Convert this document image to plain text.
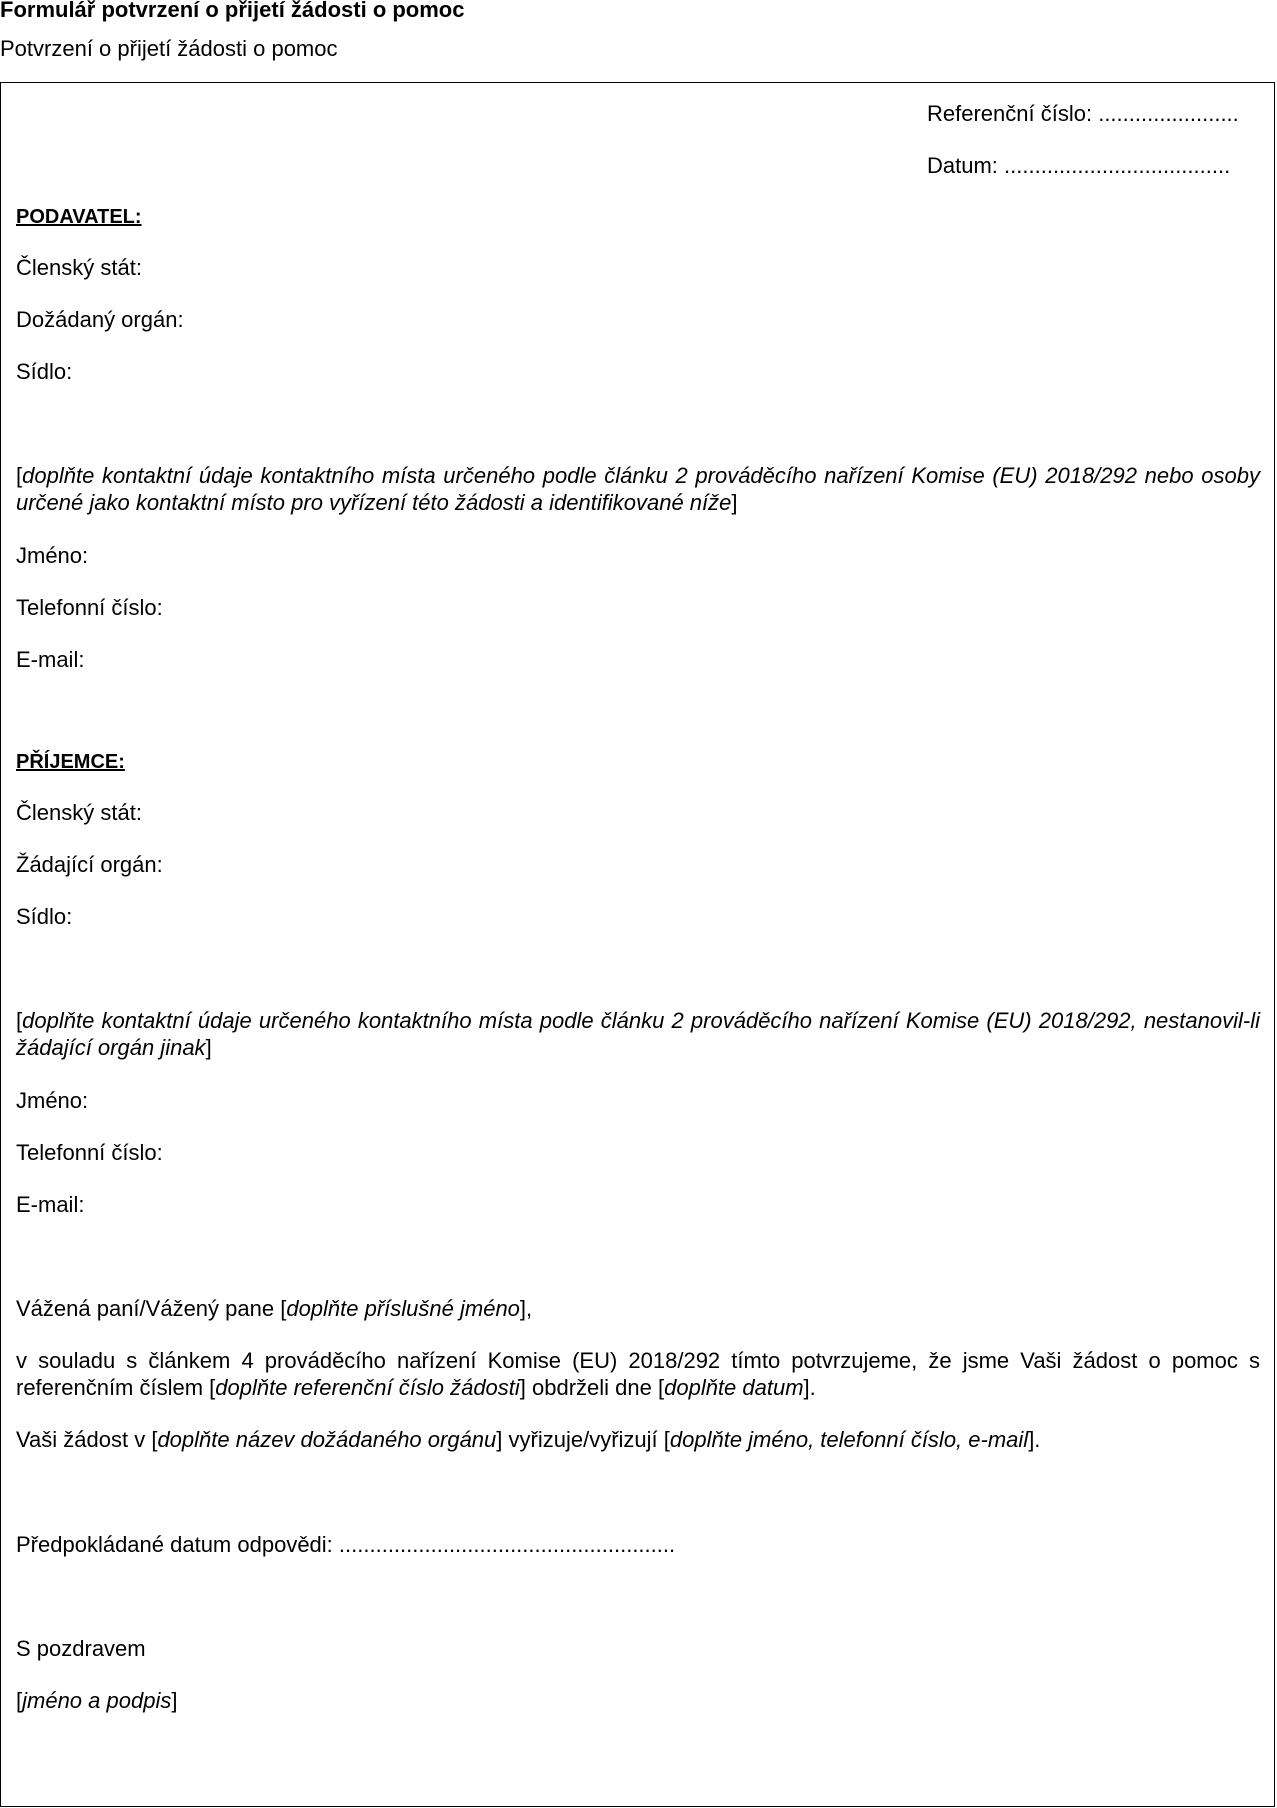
Formulář potvrzení o přijetí žádosti o pomoc
Potvrzení o přijetí žádosti o pomoc
Referenční číslo: .......................
Datum: .....................................
PODAVATEL:
Členský stát:
Dožádaný orgán:
Sídlo:
[doplňte kontaktní údaje kontaktního místa určeného podle článku 2 prováděcího nařízení Komise (EU) 2018/292 nebo osoby určené jako kontaktní místo pro vyřízení této žádosti a identifikované níže]
Jméno:
Telefonní číslo:
E-mail:
PŘÍJEMCE:
Členský stát:
Žádající orgán:
Sídlo:
[doplňte kontaktní údaje určeného kontaktního místa podle článku 2 prováděcího nařízení Komise (EU) 2018/292, nestanovil-li žádající orgán jinak]
Jméno:
Telefonní číslo:
E-mail:
Vážená paní/Vážený pane [doplňte příslušné jméno],
v souladu s článkem 4 prováděcího nařízení Komise (EU) 2018/292 tímto potvrzujeme, že jsme Vaši žádost o pomoc s referenčním číslem [doplňte referenční číslo žádosti] obdrželi dne [doplňte datum].
Vaši žádost v [doplňte název dožádaného orgánu] vyřizuje/vyřizují [doplňte jméno, telefonní číslo, e-mail].
Předpokládané datum odpovědi: .......................................................
S pozdravem
[jméno a podpis]
